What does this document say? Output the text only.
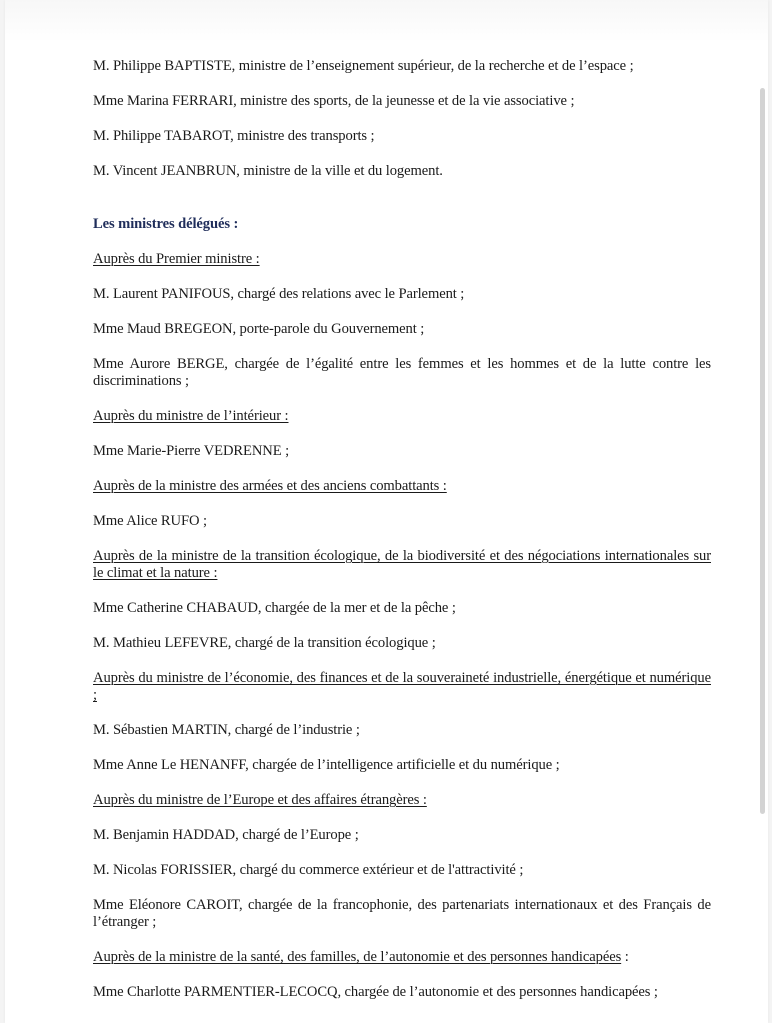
M. Philippe BAPTISTE, ministre de l’enseignement supérieur, de la recherche et de l’espace ;

Mme Marina FERRARI, ministre des sports, de la jeunesse et de la vie associative ;

M. Philippe TABAROT, ministre des transports ;

M. Vincent JEANBRUN, ministre de la ville et du logement.

Les ministres délégués :

Auprès du Premier ministre :

M. Laurent PANIFOUS, chargé des relations avec le Parlement ;

Mme Maud BREGEON, porte-parole du Gouvernement ;

Mme Aurore BERGE, chargée de l’égalité entre les femmes et les hommes et de la lutte contre les discriminations ;

Auprès du ministre de l’intérieur :

Mme Marie-Pierre VEDRENNE ;

Auprès de la ministre des armées et des anciens combattants :

Mme Alice RUFO ;

Auprès de la ministre de la transition écologique, de la biodiversité et des négociations internationales sur le climat et la nature :

Mme Catherine CHABAUD, chargée de la mer et de la pêche ;

M. Mathieu LEFEVRE, chargé de la transition écologique ;

Auprès du ministre de l’économie, des finances et de la souveraineté industrielle, énergétique et numérique ;

M. Sébastien MARTIN, chargé de l’industrie ;

Mme Anne Le HENANFF, chargée de l’intelligence artificielle et du numérique ;

Auprès du ministre de l’Europe et des affaires étrangères :

M. Benjamin HADDAD, chargé de l’Europe ;

M. Nicolas FORISSIER, chargé du commerce extérieur et de l'attractivité ;

Mme Eléonore CAROIT, chargée de la francophonie, des partenariats internationaux et des Français de l’étranger ;

Auprès de la ministre de la santé, des familles, de l’autonomie et des personnes handicapées :

Mme Charlotte PARMENTIER-LECOCQ, chargée de l’autonomie et des personnes handicapées ;
